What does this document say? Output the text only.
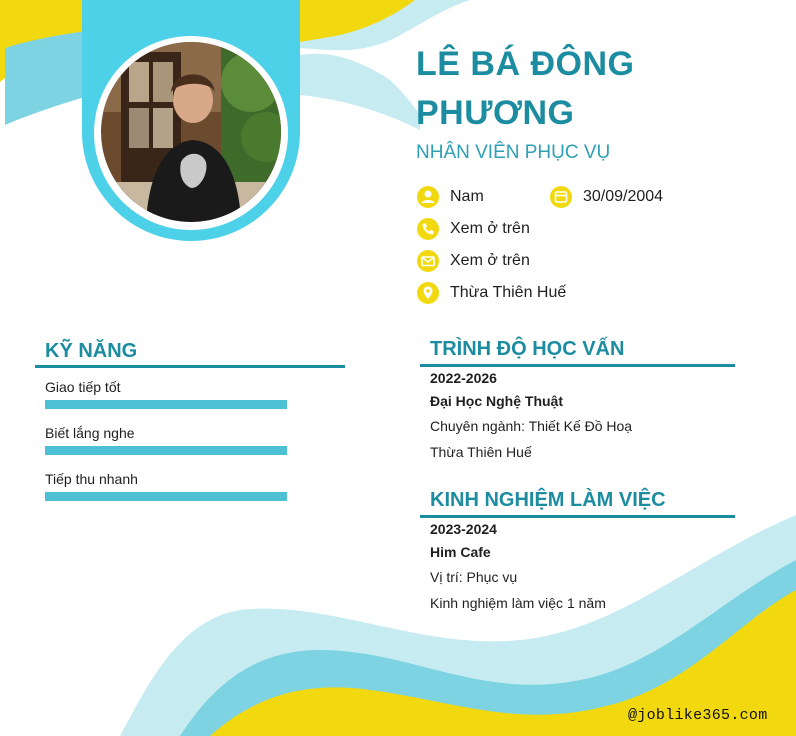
LÊ BÁ ĐÔNG PHƯƠNG

NHÂN VIÊN PHỤC VỤ

Nam	30/09/2004
Xem ở trên
Xem ở trên
Thừa Thiên Huế
KỸ NĂNG
Giao tiếp tốt
Biết lắng nghe
Tiếp thu nhanh
TRÌNH ĐỘ HỌC VẤN
2022-2026
Đại Học Nghệ Thuật
Chuyên ngành: Thiết Kế Đồ Hoạ
Thừa Thiên Huế
KINH NGHIỆM LÀM VIỆC
2023-2024
Him Cafe
Vị trí: Phục vụ
Kinh nghiệm làm việc 1 năm
@joblike365.com
